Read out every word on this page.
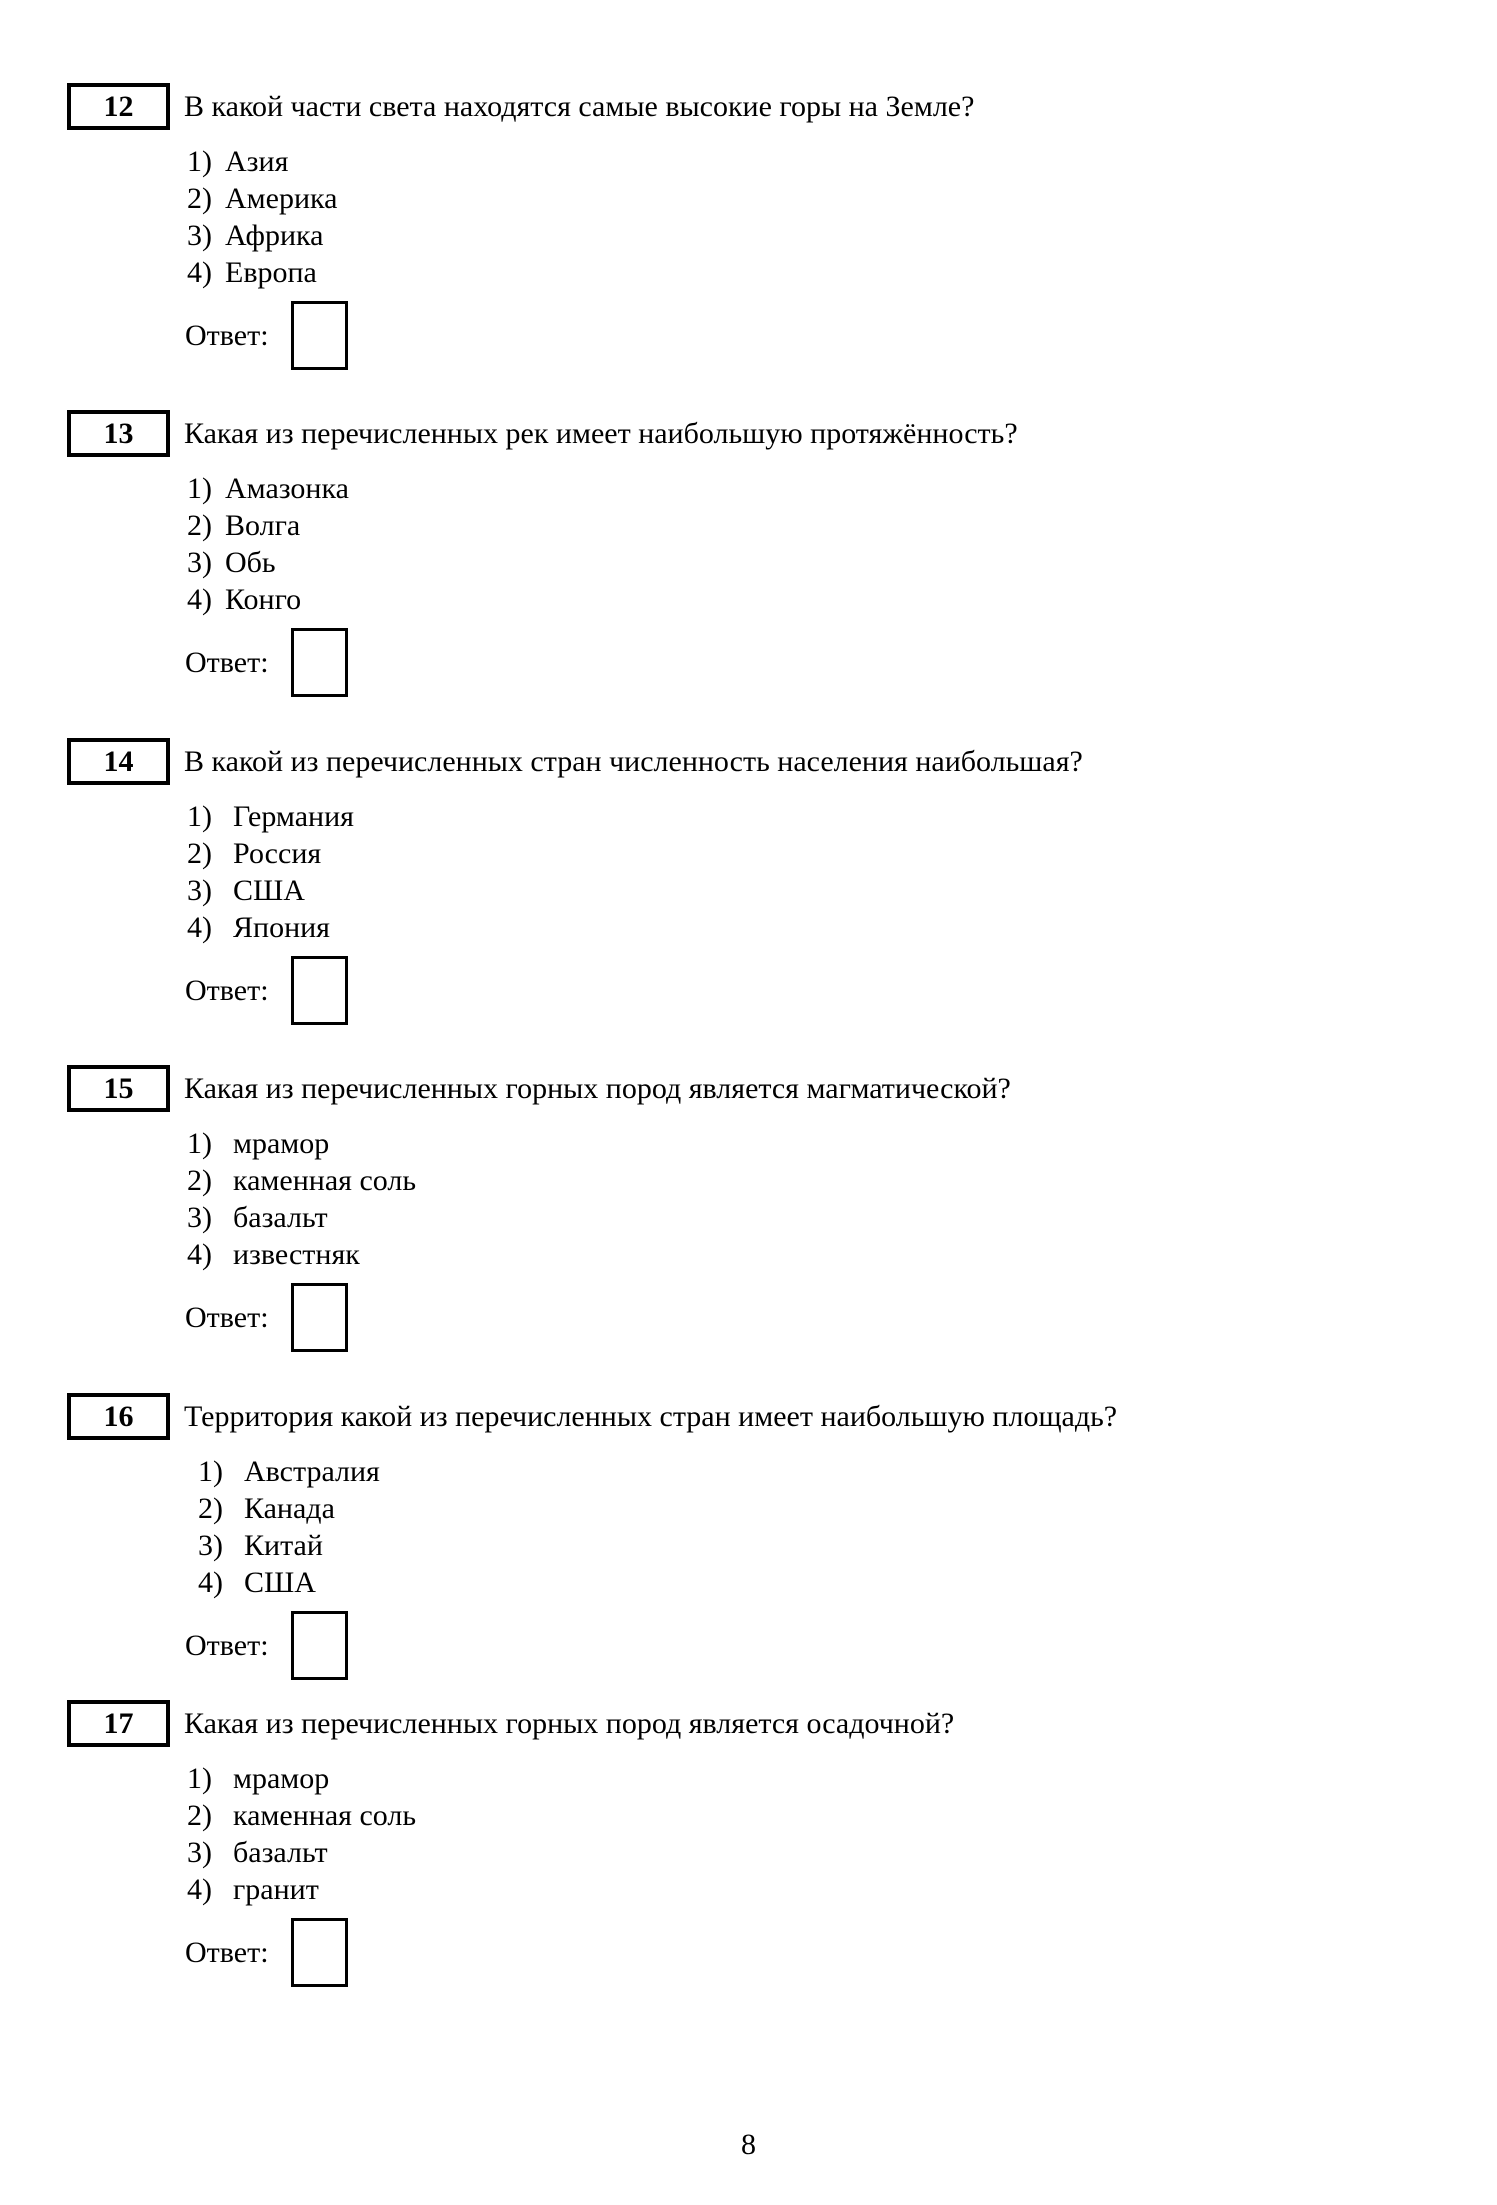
12 В какой части света находятся самые высокие горы на Земле?
1) Азия
2) Америка
3) Африка
4) Европа
Ответ:
13 Какая из перечисленных рек имеет наибольшую протяжённость?
1) Амазонка
2) Волга
3) Обь
4) Конго
Ответ:
14 В какой из перечисленных стран численность населения наибольшая?
1) Германия
2) Россия
3) США
4) Япония
Ответ:
15 Какая из перечисленных горных пород является магматической?
1) мрамор
2) каменная соль
3) базальт
4) известняк
Ответ:
16 Территория какой из перечисленных стран имеет наибольшую площадь?
1) Австралия
2) Канада
3) Китай
4) США
Ответ:
17 Какая из перечисленных горных пород является осадочной?
1) мрамор
2) каменная соль
3) базальт
4) гранит
Ответ:
8
